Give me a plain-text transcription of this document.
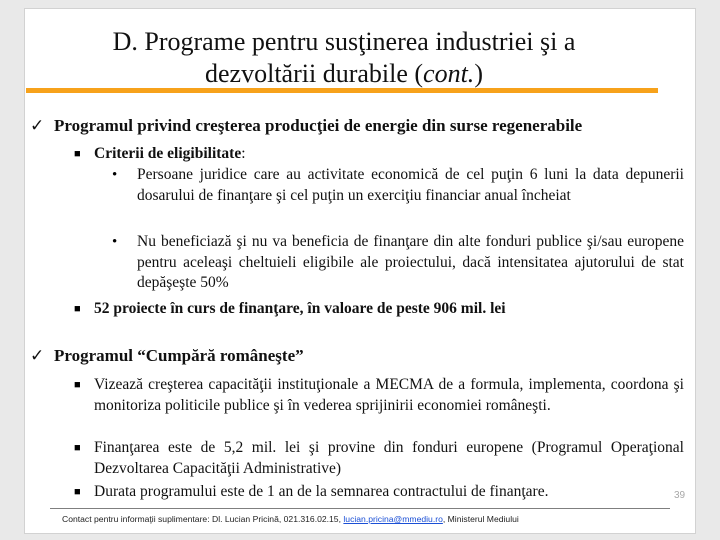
D. Programe pentru susţinerea industriei şi a
dezvoltării durabile (cont.)
✓ Programul privind creşterea producţiei de energie din surse regenerabile
■ Criterii de eligibilitate:
• Persoane juridice care au activitate economică de cel puţin 6 luni la data depunerii dosarului de finanţare şi cel puţin un exerciţiu financiar anual încheiat
• Nu beneficiază şi nu va beneficia de finanţare din alte fonduri publice şi/sau europene pentru aceleaşi cheltuieli eligibile ale proiectului, dacă intensitatea ajutorului de stat depăşeşte 50%
■ 52 proiecte în curs de finanţare, în valoare de peste 906 mil. lei
✓ Programul “Cumpără româneşte”
■ Vizează creşterea capacităţii instituţionale a MECMA de a formula, implementa, coordona şi monitoriza politicile publice şi în vederea sprijinirii economiei româneşti.
■ Finanţarea este de 5,2 mil. lei şi provine din fonduri europene (Programul Operaţional Dezvoltarea Capacităţii Administrative)
■ Durata programului este de 1 an de la semnarea contractului de finanţare.	39
Contact pentru informaţii suplimentare: Dl. Lucian Pricină, 021.316.02.15, lucian.pricina@mmediu.ro, Ministerul Mediului
